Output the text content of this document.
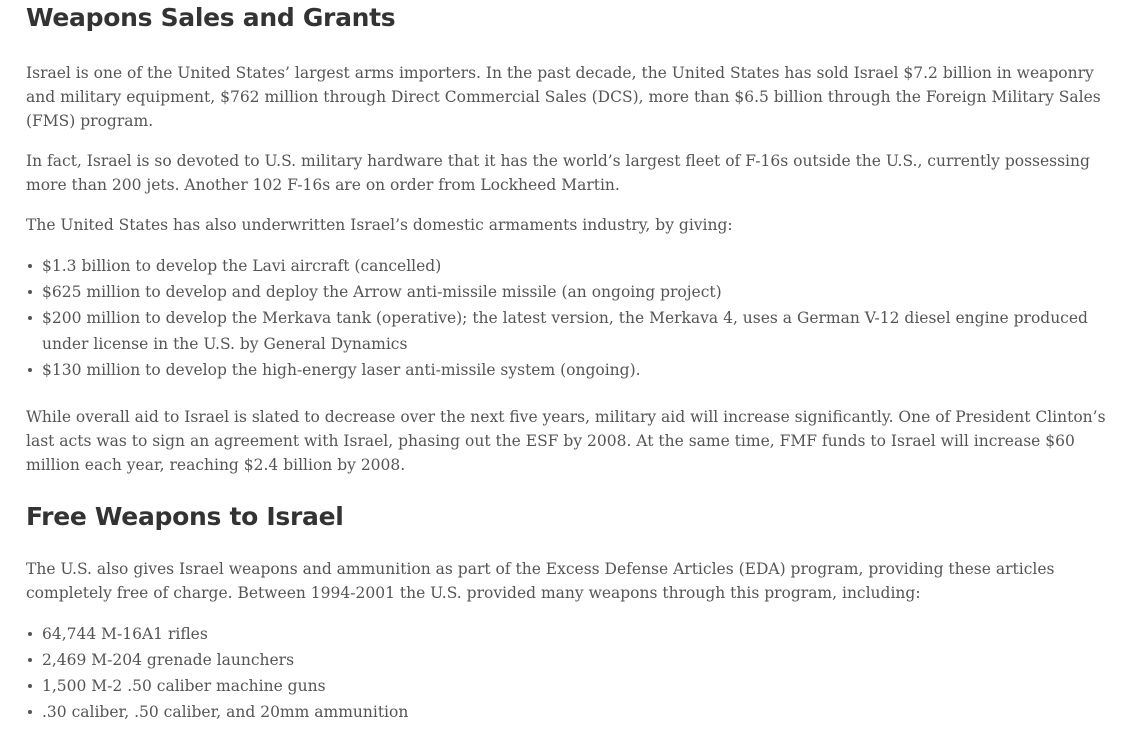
Weapons Sales and Grants

Israel is one of the United States’ largest arms importers. In the past decade, the United States has sold Israel $7.2 billion in weaponry and military equipment, $762 million through Direct Commercial Sales (DCS), more than $6.5 billion through the Foreign Military Sales (FMS) program.

In fact, Israel is so devoted to U.S. military hardware that it has the world’s largest fleet of F-16s outside the U.S., currently possessing more than 200 jets. Another 102 F-16s are on order from Lockheed Martin.

The United States has also underwritten Israel’s domestic armaments industry, by giving:

$1.3 billion to develop the Lavi aircraft (cancelled)
$625 million to develop and deploy the Arrow anti-missile missile (an ongoing project)
$200 million to develop the Merkava tank (operative); the latest version, the Merkava 4, uses a German V-12 diesel engine produced under license in the U.S. by General Dynamics
$130 million to develop the high-energy laser anti-missile system (ongoing).

While overall aid to Israel is slated to decrease over the next five years, military aid will increase significantly. One of President Clinton’s last acts was to sign an agreement with Israel, phasing out the ESF by 2008. At the same time, FMF funds to Israel will increase $60 million each year, reaching $2.4 billion by 2008.

Free Weapons to Israel

The U.S. also gives Israel weapons and ammunition as part of the Excess Defense Articles (EDA) program, providing these articles completely free of charge. Between 1994-2001 the U.S. provided many weapons through this program, including:

64,744 M-16A1 rifles
2,469 M-204 grenade launchers
1,500 M-2 .50 caliber machine guns
.30 caliber, .50 caliber, and 20mm ammunition
